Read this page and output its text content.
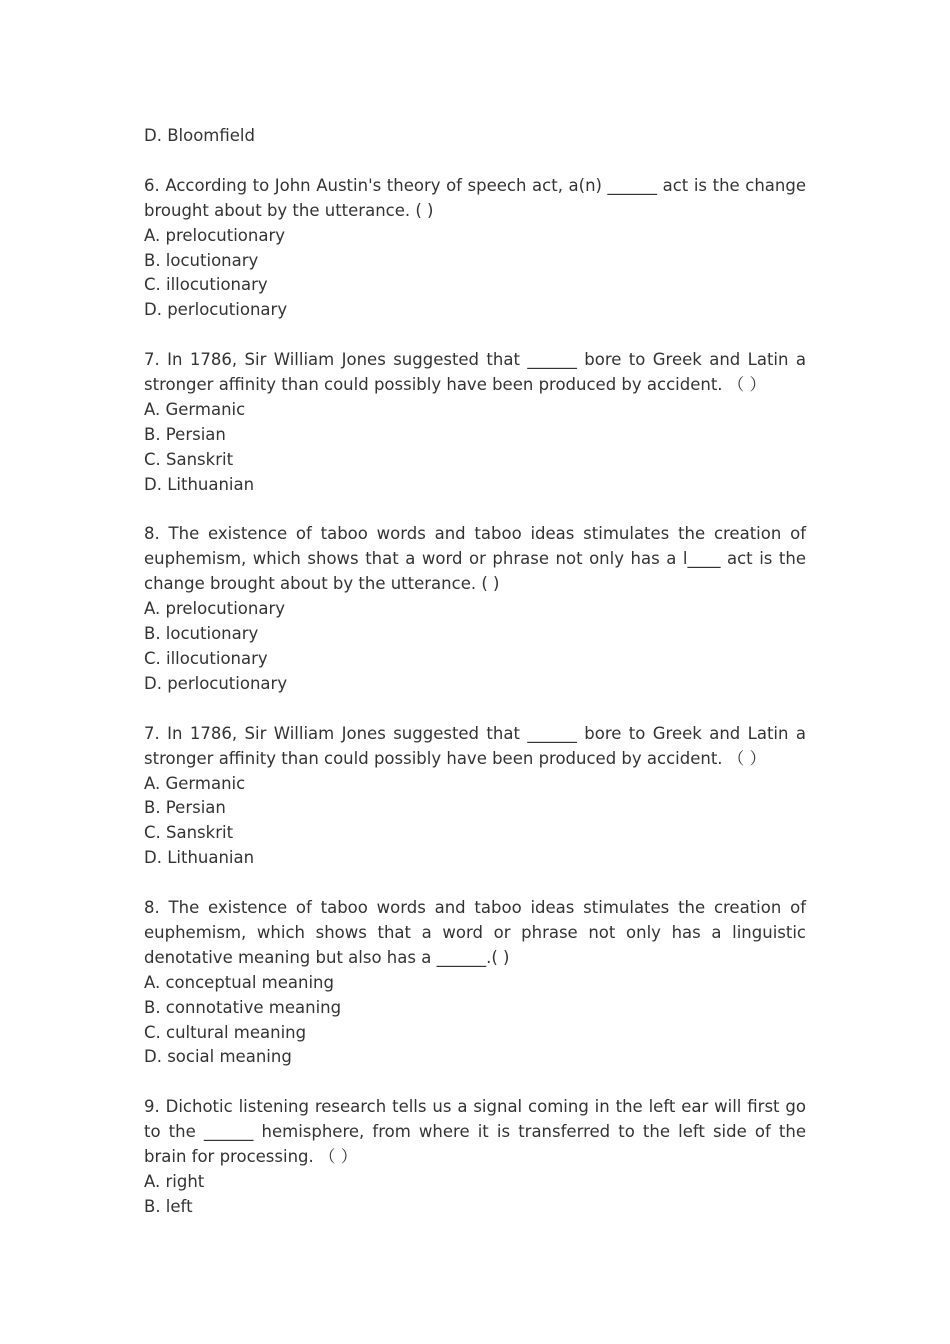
D. Bloomfield

6. According to John Austin's theory of speech act, a(n) ______ act is the change brought about by the utterance. ( )

A. prelocutionary

B. locutionary

C. illocutionary

D. perlocutionary

7. In 1786, Sir William Jones suggested that ______ bore to Greek and Latin a stronger affinity than could possibly have been produced by accident. （ ）

A. Germanic

B. Persian

C. Sanskrit

D. Lithuanian

8. The existence of taboo words and taboo ideas stimulates the creation of euphemism, which shows that a word or phrase not only has a l____ act is the change brought about by the utterance. ( )

A. prelocutionary

B. locutionary

C. illocutionary

D. perlocutionary

7. In 1786, Sir William Jones suggested that ______ bore to Greek and Latin a stronger affinity than could possibly have been produced by accident. （ ）

A. Germanic

B. Persian

C. Sanskrit

D. Lithuanian

8. The existence of taboo words and taboo ideas stimulates the creation of euphemism, which shows that a word or phrase not only has a linguistic denotative meaning but also has a ______.( )

A. conceptual meaning

B. connotative meaning

C. cultural meaning

D. social meaning

9. Dichotic listening research tells us a signal coming in the left ear will first go to the ______ hemisphere, from where it is transferred to the left side of the brain for processing. （ ）

A. right

B. left
